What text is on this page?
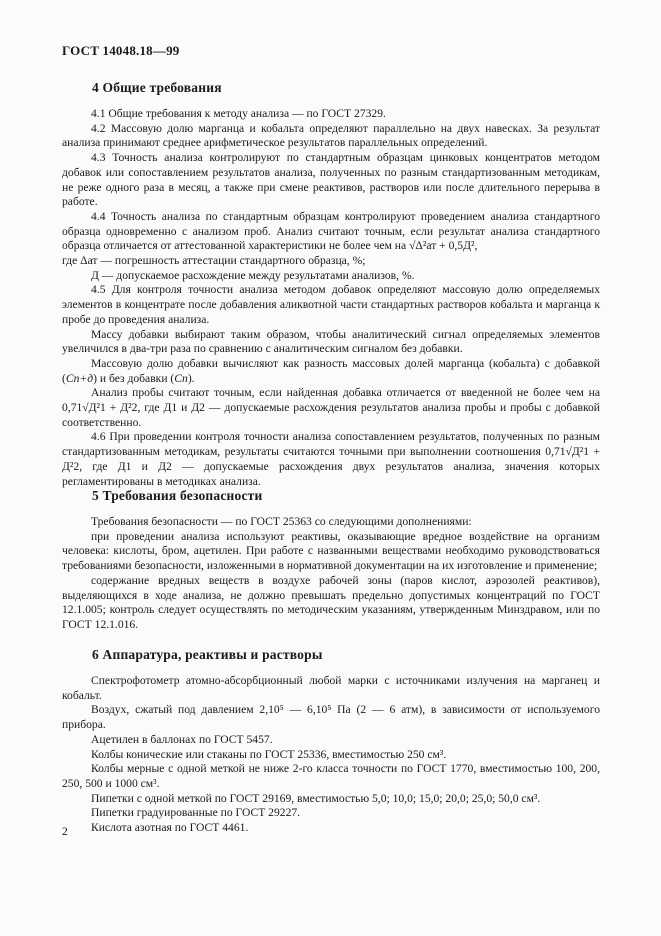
ГОСТ 14048.18—99
4 Общие требования

4.1 Общие требования к методу анализа — по ГОСТ 27329.

4.2 Массовую долю марганца и кобальта определяют параллельно на двух навесках. За результат анализа принимают среднее арифметическое результатов параллельных определений.

4.3 Точность анализа контролируют по стандартным образцам цинковых концентратов методом добавок или сопоставлением результатов анализа, полученных по разным стандартизованным методикам, не реже одного раза в месяц, а также при смене реактивов, растворов или после длительного перерыва в работе.

4.4 Точность анализа по стандартным образцам контролируют проведением анализа стандартного образца одновременно с анализом проб. Анализ считают точным, если результат анализа стандартного образца отличается от аттестованной характеристики не более чем на √Δ²ат + 0,5Д²,

где Δат — погрешность аттестации стандартного образца, %;

Д — допускаемое расхождение между результатами анализов, %.

4.5 Для контроля точности анализа методом добавок определяют массовую долю определяемых элементов в концентрате после добавления аликвотной части стандартных растворов кобальта и марганца к пробе до проведения анализа.

Массу добавки выбирают таким образом, чтобы аналитический сигнал определяемых элементов увеличился в два-три раза по сравнению с аналитическим сигналом без добавки.

Массовую долю добавки вычисляют как разность массовых долей марганца (кобальта) с добавкой (Сп+д) и без добавки (Сп).

Анализ пробы считают точным, если найденная добавка отличается от введенной не более чем на 0,71√Д²1 + Д²2, где Д1 и Д2 — допускаемые расхождения результатов анализа пробы и пробы с добавкой соответственно.

4.6 При проведении контроля точности анализа сопоставлением результатов, полученных по разным стандартизованным методикам, результаты считаются точными при выполнении соотношения 0,71√Д²1 + Д²2, где Д1 и Д2 — допускаемые расхождения двух результатов анализа, значения которых регламентированы в методиках анализа.

5 Требования безопасности

Требования безопасности — по ГОСТ 25363 со следующими дополнениями:

при проведении анализа используют реактивы, оказывающие вредное воздействие на организм человека: кислоты, бром, ацетилен. При работе с названными веществами необходимо руководствоваться требованиями безопасности, изложенными в нормативной документации на их изготовление и применение;

содержание вредных веществ в воздухе рабочей зоны (паров кислот, аэрозолей реактивов), выделяющихся в ходе анализа, не должно превышать предельно допустимых концентраций по ГОСТ 12.1.005; контроль следует осуществлять по методическим указаниям, утвержденным Минздравом, или по ГОСТ 12.1.016.

6 Аппаратура, реактивы и растворы

Спектрофотометр атомно-абсорбционный любой марки с источниками излучения на марганец и кобальт.

Воздух, сжатый под давлением 2,10⁵ — 6,10⁵ Па (2 — 6 атм), в зависимости от используемого прибора.

Ацетилен в баллонах по ГОСТ 5457.

Колбы конические или стаканы по ГОСТ 25336, вместимостью 250 см³.

Колбы мерные с одной меткой не ниже 2-го класса точности по ГОСТ 1770, вместимостью 100, 200, 250, 500 и 1000 см³.

Пипетки с одной меткой по ГОСТ 29169, вместимостью 5,0; 10,0; 15,0; 20,0; 25,0; 50,0 см³.

Пипетки градуированные по ГОСТ 29227.

Кислота азотная по ГОСТ 4461.

2
